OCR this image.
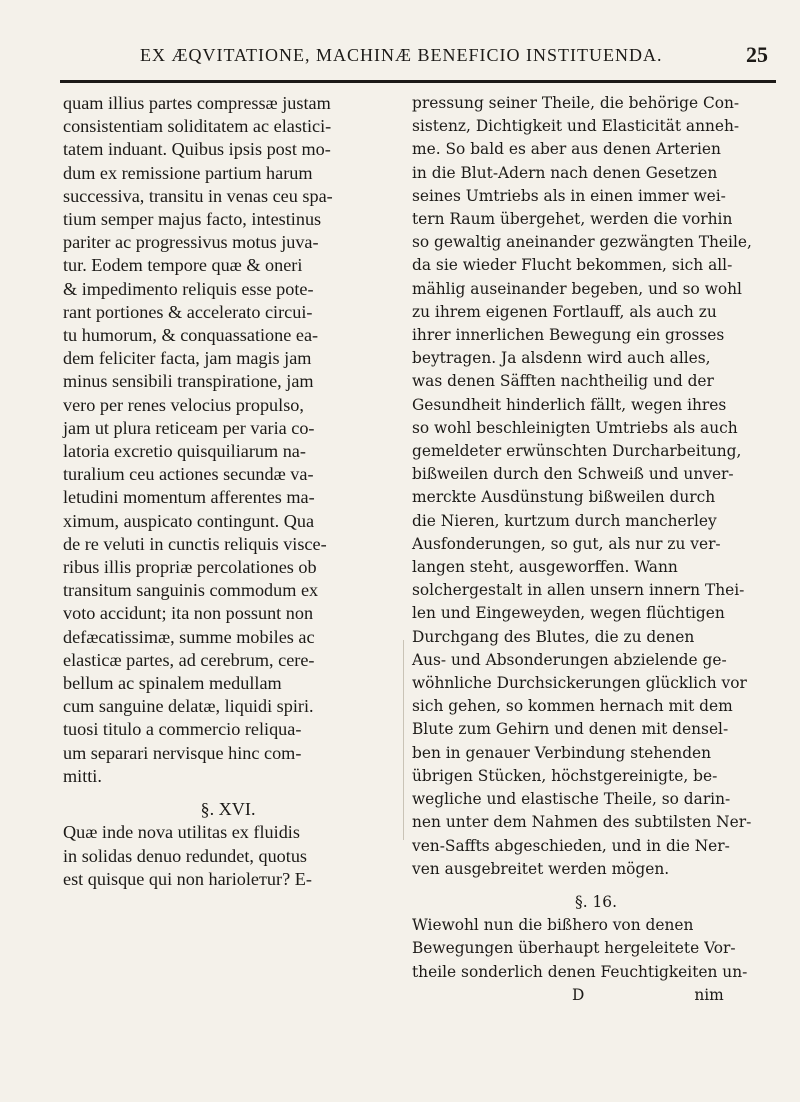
EX ÆQVITATIONE, MACHINÆ BENEFICIO INSTITUENDA.	25
quam illius partes compressæ justam
consistentiam soliditatem ac elastici-
tatem induant. Quibus ipsis post mo-
dum ex remissione partium harum
successiva, transitu in venas ceu spa-
tium semper majus facto, intestinus
pariter ac progressivus motus juva-
tur. Eodem tempore quæ & oneri
& impedimento reliquis esse pote-
rant portiones & accelerato circui-
tu humorum, & conquassatione ea-
dem feliciter facta, jam magis jam
minus sensibili transpiratione, jam
vero per renes velocius propulso,
jam ut plura reticeam per varia co-
latoria excretio quisquiliarum na-
turalium ceu actiones secundæ va-
letudini momentum afferentes ma-
ximum, auspicato contingunt. Qua
de re veluti in cunctis reliquis visce-
ribus illis propriæ percolationes ob
transitum sanguinis commodum ex
voto accidunt; ita non possunt non
defæcatissimæ, summe mobiles ac
elasticæ partes, ad cerebrum, cere-
bellum ac spinalem medullam
cum sanguine delatæ, liquidi spiri.
tuosi titulo a commercio reliqua-
um separari nervisque hinc com-
mitti.
§. XVI.
Quæ inde nova utilitas ex fluidis
in solidas denuo redundet, quotus
est quisque qui non hariolетur? E-
pressung seiner Theile, die behörige Con-
sistenz, Dichtigkeit und Elasticität anneh-
me. So bald es aber aus denen Arterien
in die Blut-Adern nach denen Gesetzen
seines Umtriebs als in einen immer wei-
tern Raum übergehet, werden die vorhin
so gewaltig aneinander gezwängten Theile,
da sie wieder Flucht bekommen, sich all-
mählig auseinander begeben, und so wohl
zu ihrem eigenen Fortlauff, als auch zu
ihrer innerlichen Bewegung ein grosses
beytragen. Ja alsdenn wird auch alles,
was denen Säfften nachtheilig und der
Gesundheit hinderlich fällt, wegen ihres
so wohl beschleinigten Umtriebs als auch
gemeldeter erwünschten Durcharbeitung,
bißweilen durch den Schweiß und unver-
merckte Ausdünstung bißweilen durch
die Nieren, kurtzum durch mancherley
Ausfonderungen, so gut, als nur zu ver-
langen steht, ausgeworffen. Wann
solchergestalt in allen unsern innern Thei-
len und Eingeweyden, wegen flüchtigen
Durchgang des Blutes, die zu denen
Aus- und Absonderungen abzielende ge-
wöhnliche Durchsickerungen glücklich vor
sich gehen, so kommen hernach mit dem
Blute zum Gehirn und denen mit densel-
ben in genauer Verbindung stehenden
übrigen Stücken, höchstgereinigte, be-
wegliche und elastische Theile, so darin-
nen unter dem Nahmen des subtilsten Ner-
ven-Saffts abgeschieden, und in die Ner-
ven ausgebreitet werden mögen.
§. 16.
Wiewohl nun die bißhero von denen
Bewegungen überhaupt hergeleitete Vor-
theile sonderlich denen Feuchtigkeiten un-
D	nim
